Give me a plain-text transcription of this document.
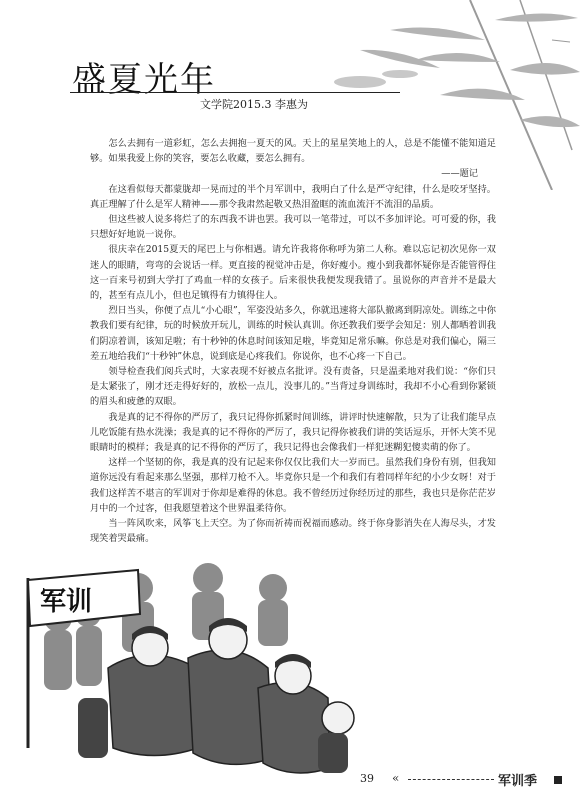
盛夏光年
文学院2015.3 李惠为

怎么去拥有一道彩虹，怎么去拥抱一夏天的风。天上的星星笑地上的人，总是不能懂不能知道足够。如果我爱上你的笑容，要怎么收藏，要怎么拥有。

——题记

在这看似每天都蒙胧却一晃而过的半个月军训中，我明白了什么是严守纪律，什么是咬牙坚持。真正理解了什么是军人精神——那令我肃然起敬又热泪盈眶的流血流汗不流泪的品质。

但这些被人说多将烂了的东西我不讲也罢。我可以一笔带过，可以不多加评论。可可爱的你，我只想好好地说一说你。

很庆幸在2015夏天的尾巴上与你相遇。请允许我将你称呼为第二人称。难以忘记初次见你一双迷人的眼睛，弯弯的会说话一样。更直接的视觉冲击是，你好瘦小。瘦小到我都怀疑你是否能管得住这一百来号初到大学打了鸡血一样的女孩子。后来很快我便发现我错了。虽说你的声音并不是最大的，甚至有点儿小，但也足镇得有力镇得住人。

烈日当头，你便了点儿“小心眼”，军姿没站多久，你就迅速将大部队撤离到阴凉处。训练之中你教我们要有纪律，玩的时候放开玩儿，训练的时候认真训。你还教我们要学会知足：别人都晒着训我们阴凉着训，该知足啦；有十秒钟的休息时间该知足啦，毕竟知足常乐嘛。你总是对我们偏心，隔三差五地给我们“十秒钟”休息，说到底是心疼我们。你说你，也不心疼一下自己。

领导检查我们阅兵式时，大家表现不好被点名批评。没有责备，只是温柔地对我们说：“你们只是太紧张了，刚才还走得好好的，放松一点儿，没事儿的。”当背过身训练时，我却不小心看到你紧锁的眉头和疲惫的双眼。

我是真的记不得你的严厉了，我只记得你抓紧时间训练，讲评时快速解散，只为了让我们能早点儿吃饭能有热水洗澡；我是真的记不得你的严厉了，我只记得你被我们讲的笑话逗乐，开怀大笑不见眼睛时的模样；我是真的记不得你的严厉了，我只记得也会像我们一样犯迷糊犯傻卖萌的你了。

这样一个坚韧的你，我是真的没有记起来你仅仅比我们大一岁而已。虽然我们身份有别，但我知道你远没有看起来那么坚强，那样刀枪不入。毕竟你只是一个和我们有着同样年纪的小少女呀！对于我们这样苦不堪言的军训对于你却是难得的休息。我不曾经历过你经历过的那些，我也只是你茫茫岁月中的一个过客，但我愿望着这个世界温柔待你。

当一阵风吹来，风筝飞上天空。为了你而祈祷而祝福而感动。终于你身影消失在人海尽头，才发现笑着哭最痛。

军训
39 «	军训季
